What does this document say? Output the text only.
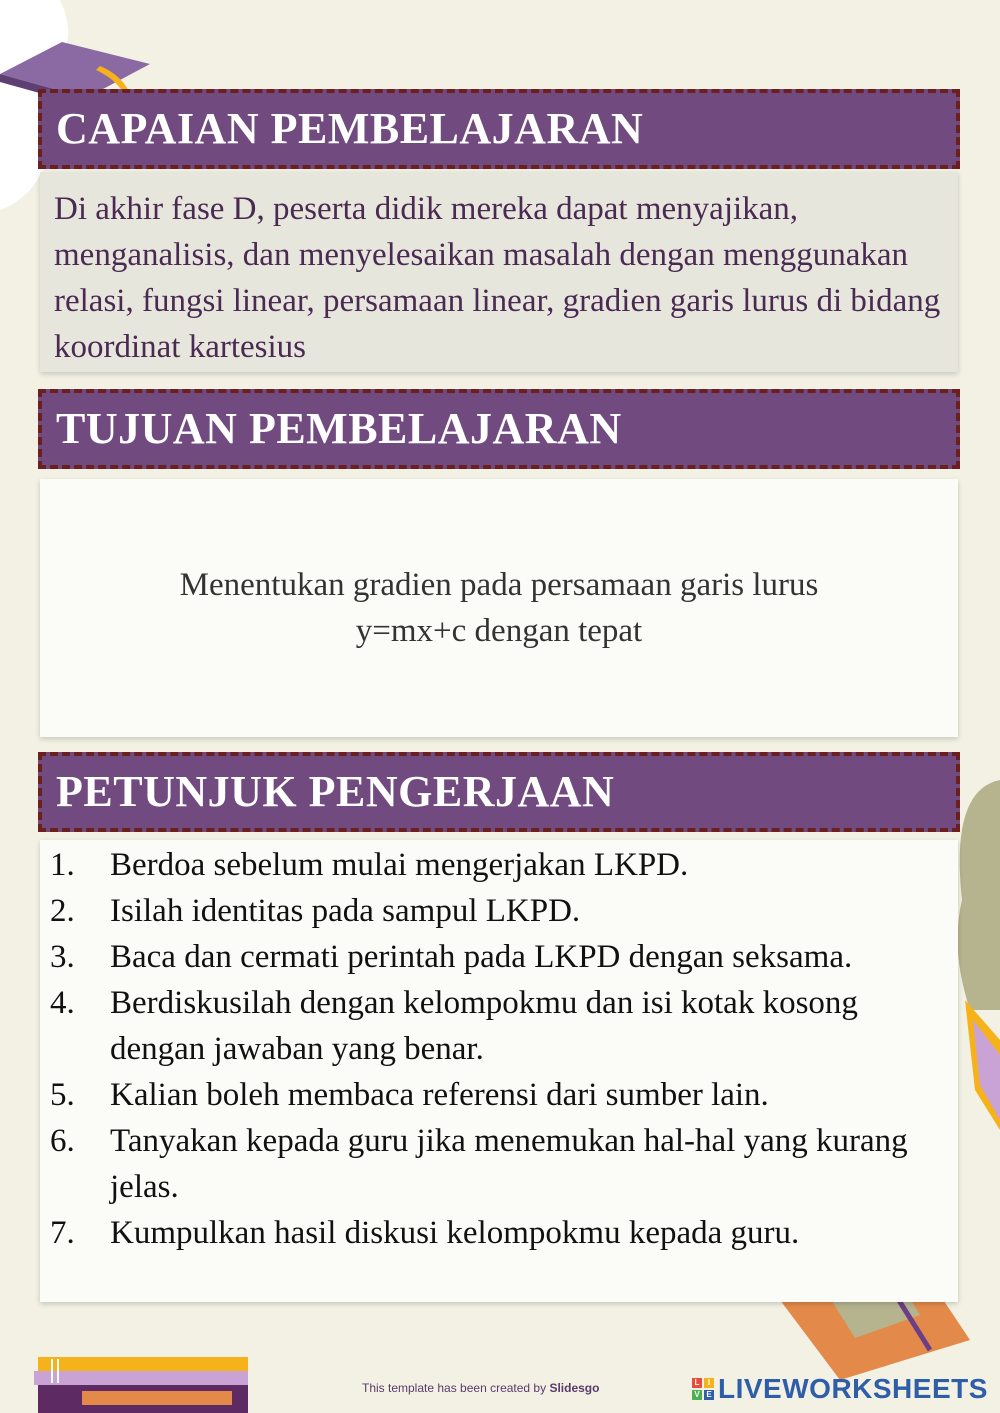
CAPAIAN PEMBELAJARAN
Di akhir fase D, peserta didik mereka dapat menyajikan, menganalisis, dan menyelesaikan masalah dengan menggunakan relasi, fungsi linear, persamaan linear, gradien garis lurus di bidang koordinat kartesius
TUJUAN PEMBELAJARAN
Menentukan gradien pada persamaan garis lurus
y=mx+c dengan tepat
PETUNJUK PENGERJAAN
1.	Berdoa sebelum mulai mengerjakan LKPD.
2.	Isilah identitas pada sampul LKPD.
3.	Baca dan cermati perintah pada LKPD dengan seksama.
4.	Berdiskusilah dengan kelompokmu dan isi kotak kosong dengan jawaban yang benar.
5.	Kalian boleh membaca referensi dari sumber lain.
6.	Tanyakan kepada guru jika menemukan hal-hal yang kurang jelas.
7.	Kumpulkan hasil diskusi kelompokmu kepada guru.
This template has been created by Slidesgo	L	I
V E LIVEWORKSHEETS
